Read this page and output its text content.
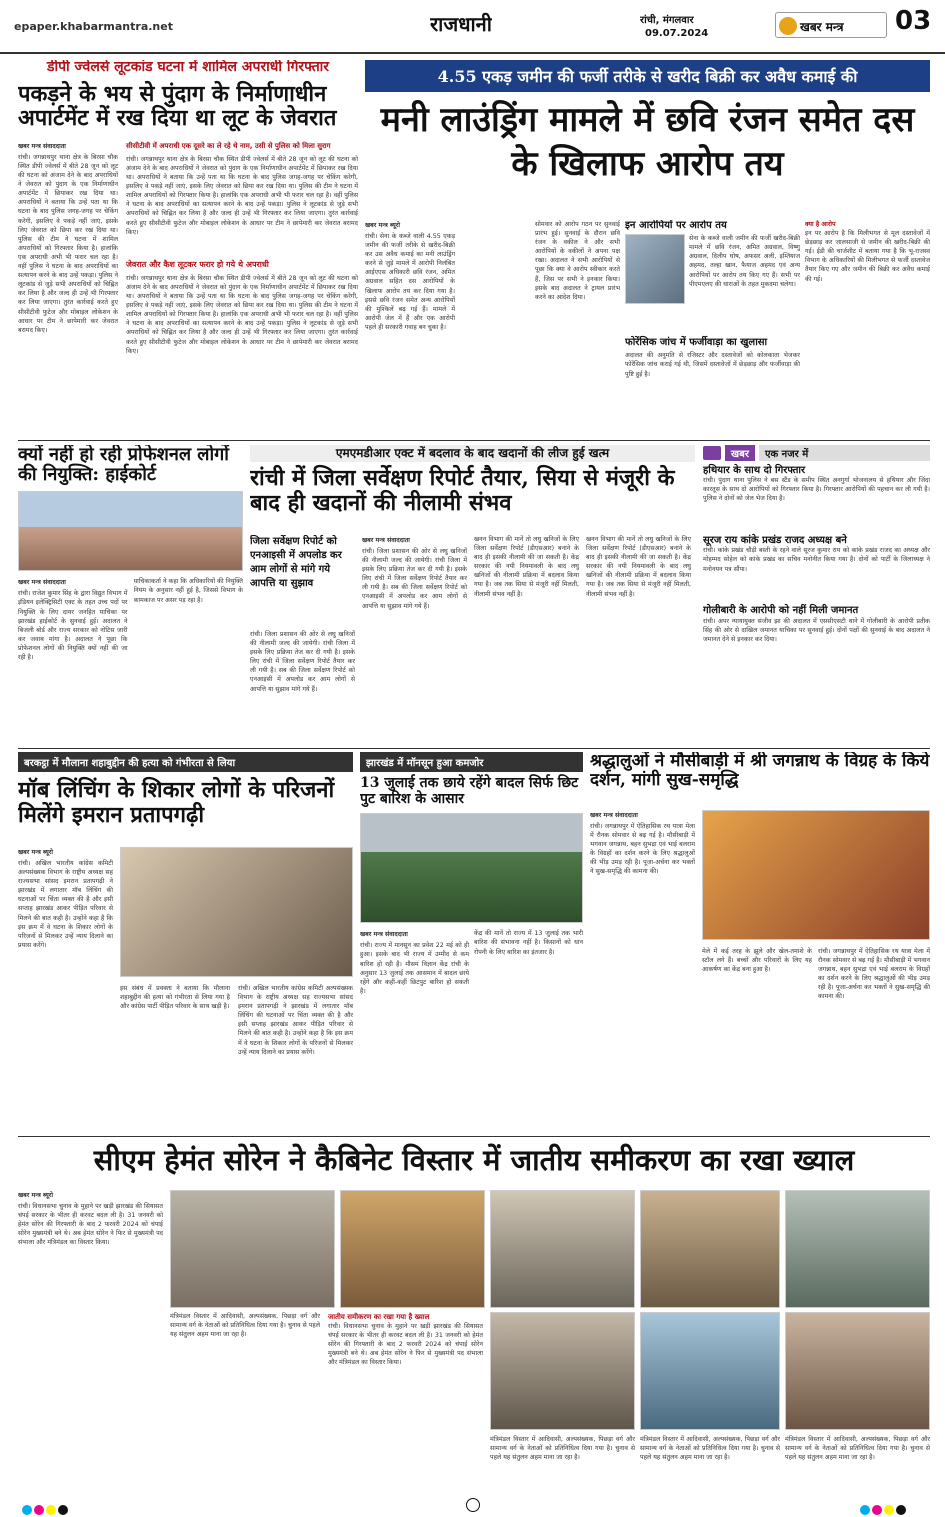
epaper.khabarmantra.net	राजधानी	रांची, मंगलवार
09.07.2024	खबर मन्त्र 03
डीपी ज्वेलर्स लूटकांड घटना में शामिल अपराधी गिरफ्तार
पकड़ने के भय से पुंदाग के निर्माणाधीन अपार्टमेंट में रख दिया था लूट के जेवरात
खबर मन्त्र संवाददाता
रांची। जगन्नाथपुर थाना क्षेत्र के बिरसा चौक स्थित डीपी ज्वेलर्स में बीते 28 जून को लूट की घटना को अंजाम देने के बाद अपराधियों ने जेवरात को पुंदाग के एक निर्माणाधीन अपार्टमेंट में छिपाकर रख दिया था। अपराधियों ने बताया कि उन्हें पता था कि घटना के बाद पुलिस जगह-जगह पर चेकिंग करेगी, इसलिए वे पकड़े नहीं जाएं, इसके लिए जेवरात को छिपा कर रख दिया था। पुलिस की टीम ने घटना में शामिल अपराधियों को गिरफ्तार किया है। हालांकि एक अपराधी अभी भी फरार चल रहा है। वहीं पुलिस ने घटना के बाद अपराधियों का सत्यापन करने के बाद उन्हें पकड़ा। पुलिस ने लूटकांड से जुड़े सभी अपराधियों को चिह्नित कर लिया है और जल्द ही उन्हें भी गिरफ्तार कर लिया जाएगा। तुरंत कार्रवाई करते हुए सीसीटीवी फुटेज और मोबाइल लोकेशन के आधार पर टीम ने छापेमारी कर जेवरात बरामद किए।
सीसीटीवी में अपराधी एक दूसरे का ले रहे थे नाम, उसी से पुलिस को मिला सुराग
रांची। जगन्नाथपुर थाना क्षेत्र के बिरसा चौक स्थित डीपी ज्वेलर्स में बीते 28 जून को लूट की घटना को अंजाम देने के बाद अपराधियों ने जेवरात को पुंदाग के एक निर्माणाधीन अपार्टमेंट में छिपाकर रख दिया था। अपराधियों ने बताया कि उन्हें पता था कि घटना के बाद पुलिस जगह-जगह पर चेकिंग करेगी, इसलिए वे पकड़े नहीं जाएं, इसके लिए जेवरात को छिपा कर रख दिया था। पुलिस की टीम ने घटना में शामिल अपराधियों को गिरफ्तार किया है। हालांकि एक अपराधी अभी भी फरार चल रहा है। वहीं पुलिस ने घटना के बाद अपराधियों का सत्यापन करने के बाद उन्हें पकड़ा। पुलिस ने लूटकांड से जुड़े सभी अपराधियों को चिह्नित कर लिया है और जल्द ही उन्हें भी गिरफ्तार कर लिया जाएगा। तुरंत कार्रवाई करते हुए सीसीटीवी फुटेज और मोबाइल लोकेशन के आधार पर टीम ने छापेमारी कर जेवरात बरामद किए।
जेवरात और कैश लूटकर फरार हो गये थे अपराधी
रांची। जगन्नाथपुर थाना क्षेत्र के बिरसा चौक स्थित डीपी ज्वेलर्स में बीते 28 जून को लूट की घटना को अंजाम देने के बाद अपराधियों ने जेवरात को पुंदाग के एक निर्माणाधीन अपार्टमेंट में छिपाकर रख दिया था। अपराधियों ने बताया कि उन्हें पता था कि घटना के बाद पुलिस जगह-जगह पर चेकिंग करेगी, इसलिए वे पकड़े नहीं जाएं, इसके लिए जेवरात को छिपा कर रख दिया था। पुलिस की टीम ने घटना में शामिल अपराधियों को गिरफ्तार किया है। हालांकि एक अपराधी अभी भी फरार चल रहा है। वहीं पुलिस ने घटना के बाद अपराधियों का सत्यापन करने के बाद उन्हें पकड़ा। पुलिस ने लूटकांड से जुड़े सभी अपराधियों को चिह्नित कर लिया है और जल्द ही उन्हें भी गिरफ्तार कर लिया जाएगा। तुरंत कार्रवाई करते हुए सीसीटीवी फुटेज और मोबाइल लोकेशन के आधार पर टीम ने छापेमारी कर जेवरात बरामद किए।
4.55 एकड़ जमीन की फर्जी तरीके से खरीद बिक्री कर अवैध कमाई की
मनी लाउंड्रिंग मामले में छवि रंजन समेत दस के खिलाफ आरोप तय
खबर मन्त्र ब्यूरो
रांची। सेना के कब्जे वाली 4.55 एकड़ जमीन की फर्जी तरीके से खरीद-बिक्री कर उस अवैध कमाई का मनी लाउंड्रिंग करने से जुड़े मामले में आरोपी निलंबित आईएएस अधिकारी छवि रंजन, अमित अग्रवाल सहित दस आरोपियों के खिलाफ आरोप तय कर दिया गया है। इससे छवि रंजन समेत अन्य आरोपियों की मुश्किलें बढ़ गई हैं। मामले में आरोपी जेल में हैं और एक आरोपी पहले ही सरकारी गवाह बन चुका है।
सोमवार को आरोप गठन पर सुनवाई प्रारंभ हुई। सुनवाई के दौरान छवि रंजन के वकील ने और सभी आरोपियों के वकीलों ने अपना पक्ष रखा। अदालत ने सभी आरोपियों से पूछा कि क्या वे आरोप स्वीकार करते हैं, जिस पर सभी ने इनकार किया। इसके बाद अदालत ने ट्रायल प्रारंभ करने का आदेश दिया।
इन आरोपियों पर आरोप तय
सेना के कब्जे वाली जमीन की फर्जी खरीद-बिक्री मामले में छवि रंजन, अमित अग्रवाल, विष्णु अग्रवाल, दिलीप घोष, अफसर अली, इम्तियाज अहमद, तल्हा खान, फैयाज अहमद एवं अन्य आरोपियों पर आरोप तय किए गए हैं। सभी पर पीएमएलए की धाराओं के तहत मुकदमा चलेगा।
फोरेंसिक जांच में फर्जीवाड़ा का खुलासा
अदालत की अनुमति से रजिस्टर और दस्तावेजों को कोलकाता भेजकर फोरेंसिक जांच कराई गई थी, जिसमें दस्तावेजों में छेड़छाड़ और फर्जीवाड़ा की पुष्टि हुई है।
क्या है आरोप
इन पर आरोप है कि मिलीभगत से मूल दस्तावेजों में छेड़छाड़ कर जालसाजी से जमीन की खरीद-बिक्री की गई। ईडी की चार्जशीट में बताया गया है कि भू-राजस्व विभाग के अधिकारियों की मिलीभगत से फर्जी दस्तावेज तैयार किए गए और जमीन की बिक्री कर अवैध कमाई की गई।
क्यों नहीं हो रही प्रोफेशनल लोगों की नियुक्ति: हाईकोर्ट
खबर मन्त्र संवाददाता
रांची। राजेश कुमार सिंह के द्वारा विद्युत विभाग में इंडियन इलेक्ट्रिसिटी एक्ट के तहत उच्च पदों पर नियुक्ति के लिए दायर जनहित याचिका पर झारखंड हाईकोर्ट के सुनवाई हुई। अदालत ने बिजली बोर्ड और राज्य सरकार को नोटिस जारी कर जवाब मांगा है। अदालत ने पूछा कि प्रोफेशनल लोगों की नियुक्ति क्यों नहीं की जा रही है।
याचिकाकर्ता ने कहा कि अधिकारियों की नियुक्ति नियम के अनुसार नहीं हुई है, जिससे विभाग के कामकाज पर असर पड़ रहा है।
एमएमडीआर एक्ट में बदलाव के बाद खदानों की लीज हुई खत्म
रांची में जिला सर्वेक्षण रिपोर्ट तैयार, सिया से मंजूरी के बाद ही खदानों की नीलामी संभव
जिला सर्वेक्षण रिपोर्ट को एनआइसी में अपलोड कर आम लोगों से मांगे गये आपत्ति या सुझाव
रांची। जिला प्रशासन की ओर से लघु खनिजों की नीलामी जल्द की जायेगी। रांची जिला में इसके लिए प्रक्रिया तेज कर दी गयी है। इसके लिए रांची में जिला सर्वेक्षण रिपोर्ट तैयार कर ली गयी है। सब की जिला सर्वेक्षण रिपोर्ट को एनआइसी में अपलोड कर आम लोगों से आपत्ति या सुझाव मांगे गये हैं।
खबर मन्त्र संवाददाता
रांची। जिला प्रशासन की ओर से लघु खनिजों की नीलामी जल्द की जायेगी। रांची जिला में इसके लिए प्रक्रिया तेज कर दी गयी है। इसके लिए रांची में जिला सर्वेक्षण रिपोर्ट तैयार कर ली गयी है। सब की जिला सर्वेक्षण रिपोर्ट को एनआइसी में अपलोड कर आम लोगों से आपत्ति या सुझाव मांगे गये हैं।
खनन विभाग की मानें तो लघु खनिजों के लिए जिला सर्वेक्षण रिपोर्ट (डीएसआर) बनाने के बाद ही इसकी नीलामी की जा सकती है। केंद्र सरकार की नयी नियमावली के बाद लघु खनिजों की नीलामी प्रक्रिया में बदलाव किया गया है। जब तक सिया से मंजूरी नहीं मिलती, नीलामी संभव नहीं है।
खनन विभाग की मानें तो लघु खनिजों के लिए जिला सर्वेक्षण रिपोर्ट (डीएसआर) बनाने के बाद ही इसकी नीलामी की जा सकती है। केंद्र सरकार की नयी नियमावली के बाद लघु खनिजों की नीलामी प्रक्रिया में बदलाव किया गया है। जब तक सिया से मंजूरी नहीं मिलती, नीलामी संभव नहीं है।
खबर	एक नजर में
हथियार के साथ दो गिरफ्तार
रांची। पुंदाग थाना पुलिस ने बस स्टैंड के समीप स्थित अनगुर्गा भोजनालय से हथियार और जिंदा कारतूस के साथ दो आरोपियों को गिरफ्तार किया है। गिरफ्तार आरोपियों की पहचान कर ली गयी है। पुलिस ने दोनों को जेल भेज दिया है।
सूरज राय कांके प्रखंड राजद अध्यक्ष बने
रांची। कांके प्रखंड चौड़ी बस्ती के रहने वाले सूरज कुमार राय को कांके प्रखंड राजद का अध्यक्ष और मोहम्मद सोहेल को कांके प्रखंड का सचिव मनोनीत किया गया है। दोनों को पार्टी के जिलाध्यक्ष ने मनोनयन पत्र सौंपा।
गोलीबारी के आरोपी को नहीं मिली जमानत
रांची। अपर न्यायायुक्त संजीव झा की अदालत में एससीएसटी थाने में गोलीबारी के आरोपी प्रतीक सिंह की ओर से दाखिल जमानत याचिका पर सुनवाई हुई। दोनों पक्षों की सुनवाई के बाद अदालत ने जमानत देने से इनकार कर दिया।
बरकट्ठा में मौलाना शहाबुद्दीन की हत्या को गंभीरता से लिया
मॉब लिंचिंग के शिकार लोगों के परिजनों मिलेंगे इमरान प्रतापगढ़ी
खबर मन्त्र ब्यूरो
रांची। अखिल भारतीय कांग्रेस कमिटी अल्पसंख्यक विभाग के राष्ट्रीय अध्यक्ष सह राज्यसभा सांसद इमरान प्रतापगढ़ी ने झारखंड में लगातार मॉब लिंचिंग की घटनाओं पर चिंता व्यक्त की है और इसी सप्ताह झारखंड आकर पीड़ित परिवार से मिलने की बात कही है। उन्होंने कहा है कि इस क्रम में वे घटना के शिकार लोगों के परिजनों से मिलकर उन्हें न्याय दिलाने का प्रयास करेंगे।
इस संबंध में प्रवक्ता ने बताया कि मौलाना शहाबुद्दीन की हत्या को गंभीरता से लिया गया है और कांग्रेस पार्टी पीड़ित परिवार के साथ खड़ी है।
रांची। अखिल भारतीय कांग्रेस कमिटी अल्पसंख्यक विभाग के राष्ट्रीय अध्यक्ष सह राज्यसभा सांसद इमरान प्रतापगढ़ी ने झारखंड में लगातार मॉब लिंचिंग की घटनाओं पर चिंता व्यक्त की है और इसी सप्ताह झारखंड आकर पीड़ित परिवार से मिलने की बात कही है। उन्होंने कहा है कि इस क्रम में वे घटना के शिकार लोगों के परिजनों से मिलकर उन्हें न्याय दिलाने का प्रयास करेंगे।
झारखंड में मॉनसून हुआ कमजोर
13 जुलाई तक छाये रहेंगे बादल सिर्फ छिट पुट बारिश के आसार
खबर मन्त्र संवाददाता
रांची। राज्य में मानसून का प्रवेश 22 मई को ही हुआ। इसके बाद भी राज्य में उम्मीद से कम बारिश हो रही है। मौसम विज्ञान केंद्र रांची के अनुसार 13 जुलाई तक आसमान में बादल छाये रहेंगे और कहीं-कहीं छिटपुट बारिश हो सकती है।
केंद्र की मानें तो राज्य में 13 जुलाई तक भारी बारिश की संभावना नहीं है। किसानों को धान रोपनी के लिए बारिश का इंतजार है।
श्रद्धालुओं ने मौसीबाड़ी में श्री जगन्नाथ के विग्रह के किये दर्शन, मांगी सुख-समृद्धि
खबर मन्त्र संवाददाता
रांची। जगन्नाथपुर में ऐतिहासिक रथ यात्रा मेला में रौनक सोमवार से बढ़ गई है। मौसीबाड़ी में भगवान जगन्नाथ, बहन सुभद्रा एवं भाई बलराम के विग्रहों का दर्शन करने के लिए श्रद्धालुओं की भीड़ उमड़ रही है। पूजा-अर्चना कर भक्तों ने सुख-समृद्धि की कामना की।
मेले में कई तरह के झूले और खेल-तमाशे के स्टॉल लगे हैं। बच्चों और परिवारों के लिए यह आकर्षण का केंद्र बना हुआ है।
रांची। जगन्नाथपुर में ऐतिहासिक रथ यात्रा मेला में रौनक सोमवार से बढ़ गई है। मौसीबाड़ी में भगवान जगन्नाथ, बहन सुभद्रा एवं भाई बलराम के विग्रहों का दर्शन करने के लिए श्रद्धालुओं की भीड़ उमड़ रही है। पूजा-अर्चना कर भक्तों ने सुख-समृद्धि की कामना की।
सीएम हेमंत सोरेन ने कैबिनेट विस्तार में जातीय समीकरण का रखा ख्याल
खबर मन्त्र ब्यूरो
रांची। विधानसभा चुनाव के मुहाने पर खड़ी झारखंड की सियासत चंपई सरकार के भीतर ही करवट बदल ली है। 31 जनवरी को हेमंत सोरेन की गिरफ्तारी के बाद 2 फरवरी 2024 को चंपाई सोरेन मुख्यमंत्री बने थे। अब हेमंत सोरेन ने फिर से मुख्यमंत्री पद संभाला और मंत्रिमंडल का विस्तार किया।
मंत्रिमंडल विस्तार में आदिवासी, अल्पसंख्यक, पिछड़ा वर्ग और सामान्य वर्ग के नेताओं को प्रतिनिधित्व दिया गया है। चुनाव से पहले यह संतुलन अहम माना जा रहा है।
जातीय समीकरण का रखा गया है ख्याल
रांची। विधानसभा चुनाव के मुहाने पर खड़ी झारखंड की सियासत चंपई सरकार के भीतर ही करवट बदल ली है। 31 जनवरी को हेमंत सोरेन की गिरफ्तारी के बाद 2 फरवरी 2024 को चंपाई सोरेन मुख्यमंत्री बने थे। अब हेमंत सोरेन ने फिर से मुख्यमंत्री पद संभाला और मंत्रिमंडल का विस्तार किया।
मंत्रिमंडल विस्तार में आदिवासी, अल्पसंख्यक, पिछड़ा वर्ग और सामान्य वर्ग के नेताओं को प्रतिनिधित्व दिया गया है। चुनाव से पहले यह संतुलन अहम माना जा रहा है।
मंत्रिमंडल विस्तार में आदिवासी, अल्पसंख्यक, पिछड़ा वर्ग और सामान्य वर्ग के नेताओं को प्रतिनिधित्व दिया गया है। चुनाव से पहले यह संतुलन अहम माना जा रहा है।
मंत्रिमंडल विस्तार में आदिवासी, अल्पसंख्यक, पिछड़ा वर्ग और सामान्य वर्ग के नेताओं को प्रतिनिधित्व दिया गया है। चुनाव से पहले यह संतुलन अहम माना जा रहा है।
